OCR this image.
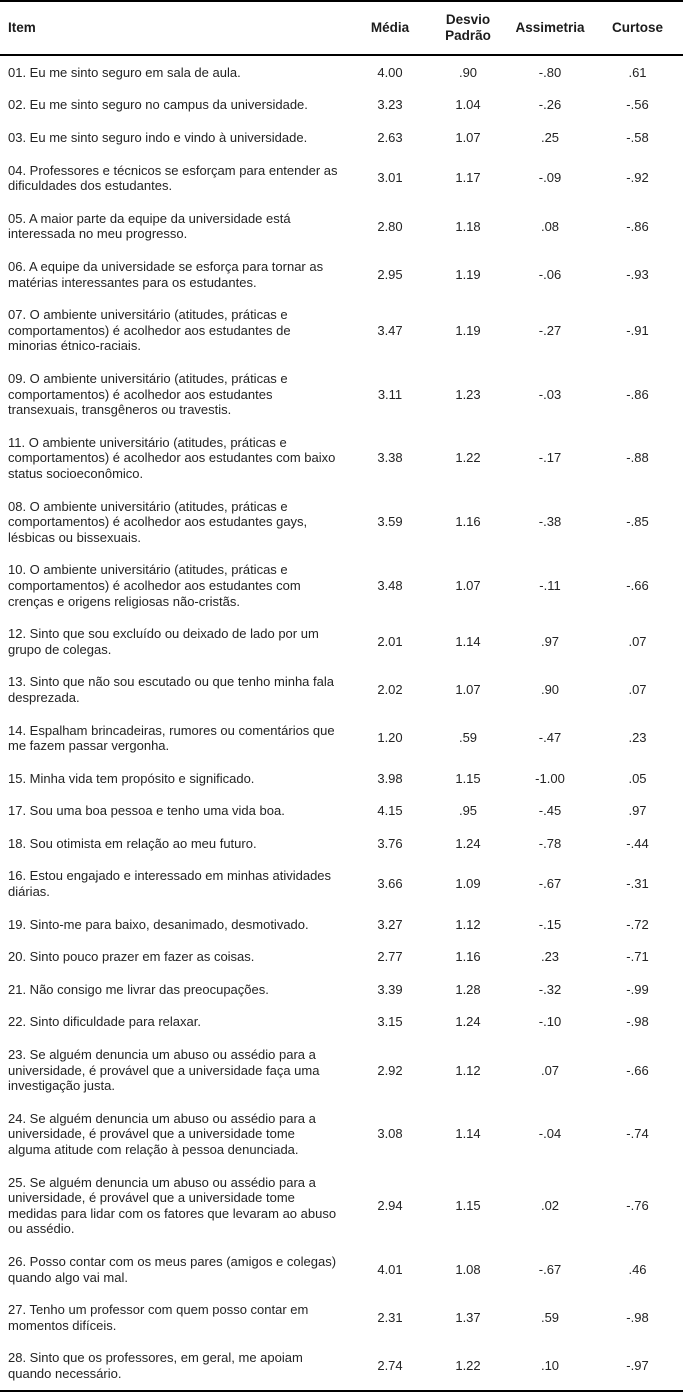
Item	Média	Desvio Padrão	Assimetria	Curtose
01. Eu me sinto seguro em sala de aula.	4.00	.90	-.80	.61
02. Eu me sinto seguro no campus da universidade.	3.23	1.04	-.26	-.56
03. Eu me sinto seguro indo e vindo à universidade.	2.63	1.07	.25	-.58
04. Professores e técnicos se esforçam para entender as dificuldades dos estudantes.	3.01	1.17	-.09	-.92
05. A maior parte da equipe da universidade está interessada no meu progresso.	2.80	1.18	.08	-.86
06. A equipe da universidade se esforça para tornar as matérias interessantes para os estudantes.	2.95	1.19	-.06	-.93
07. O ambiente universitário (atitudes, práticas e comportamentos) é acolhedor aos estudantes de minorias étnico-raciais.	3.47	1.19	-.27	-.91
09. O ambiente universitário (atitudes, práticas e comportamentos) é acolhedor aos estudantes transexuais, transgêneros ou travestis.	3.11	1.23	-.03	-.86
11. O ambiente universitário (atitudes, práticas e comportamentos) é acolhedor aos estudantes com baixo status socioeconômico.	3.38	1.22	-.17	-.88
08. O ambiente universitário (atitudes, práticas e comportamentos) é acolhedor aos estudantes gays, lésbicas ou bissexuais.	3.59	1.16	-.38	-.85
10. O ambiente universitário (atitudes, práticas e comportamentos) é acolhedor aos estudantes com crenças e origens religiosas não-cristãs.	3.48	1.07	-.11	-.66
12. Sinto que sou excluído ou deixado de lado por um grupo de colegas.	2.01	1.14	.97	.07
13. Sinto que não sou escutado ou que tenho minha fala desprezada.	2.02	1.07	.90	.07
14. Espalham brincadeiras, rumores ou comentários que me fazem passar vergonha.	1.20	.59	-.47	.23
15. Minha vida tem propósito e significado.	3.98	1.15	-1.00	.05
17. Sou uma boa pessoa e tenho uma vida boa.	4.15	.95	-.45	.97
18. Sou otimista em relação ao meu futuro.	3.76	1.24	-.78	-.44
16. Estou engajado e interessado em minhas atividades diárias.	3.66	1.09	-.67	-.31
19. Sinto-me para baixo, desanimado, desmotivado.	3.27	1.12	-.15	-.72
20. Sinto pouco prazer em fazer as coisas.	2.77	1.16	.23	-.71
21. Não consigo me livrar das preocupações.	3.39	1.28	-.32	-.99
22. Sinto dificuldade para relaxar.	3.15	1.24	-.10	-.98
23. Se alguém denuncia um abuso ou assédio para a universidade, é provável que a universidade faça uma investigação justa.	2.92	1.12	.07	-.66
24. Se alguém denuncia um abuso ou assédio para a universidade, é provável que a universidade tome alguma atitude com relação à pessoa denunciada.	3.08	1.14	-.04	-.74
25. Se alguém denuncia um abuso ou assédio para a universidade, é provável que a universidade tome medidas para lidar com os fatores que levaram ao abuso ou assédio.	2.94	1.15	.02	-.76
26. Posso contar com os meus pares (amigos e colegas) quando algo vai mal.	4.01	1.08	-.67	.46
27. Tenho um professor com quem posso contar em momentos difíceis.	2.31	1.37	.59	-.98
28. Sinto que os professores, em geral, me apoiam quando necessário.	2.74	1.22	.10	-.97
